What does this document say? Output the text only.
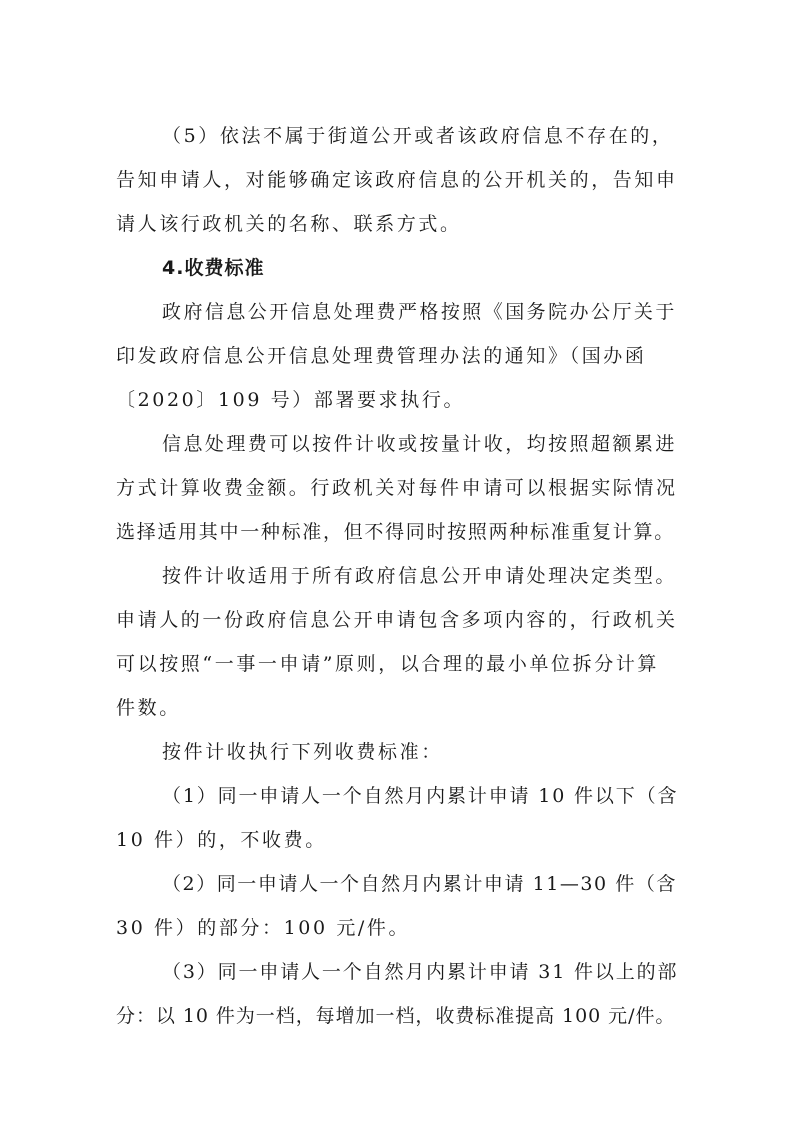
（5）依法不属于街道公开或者该政府信息不存在的，
告知申请人，对能够确定该政府信息的公开机关的，告知申
请人该行政机关的名称、联系方式。
4.收费标准
政府信息公开信息处理费严格按照《国务院办公厅关于
印发政府信息公开信息处理费管理办法的通知》（国办函
〔2020〕109 号）部署要求执行。
信息处理费可以按件计收或按量计收，均按照超额累进
方式计算收费金额。行政机关对每件申请可以根据实际情况
选择适用其中一种标准，但不得同时按照两种标准重复计算。
按件计收适用于所有政府信息公开申请处理决定类型。
申请人的一份政府信息公开申请包含多项内容的，行政机关
可以按照“一事一申请”原则，以合理的最小单位拆分计算
件数。
按件计收执行下列收费标准：
（1）同一申请人一个自然月内累计申请 10 件以下（含
10 件）的，不收费。
（2）同一申请人一个自然月内累计申请 11—30 件（含
30 件）的部分：100 元/件。
（3）同一申请人一个自然月内累计申请 31 件以上的部
分：以 10 件为一档，每增加一档，收费标准提高 100 元/件。
